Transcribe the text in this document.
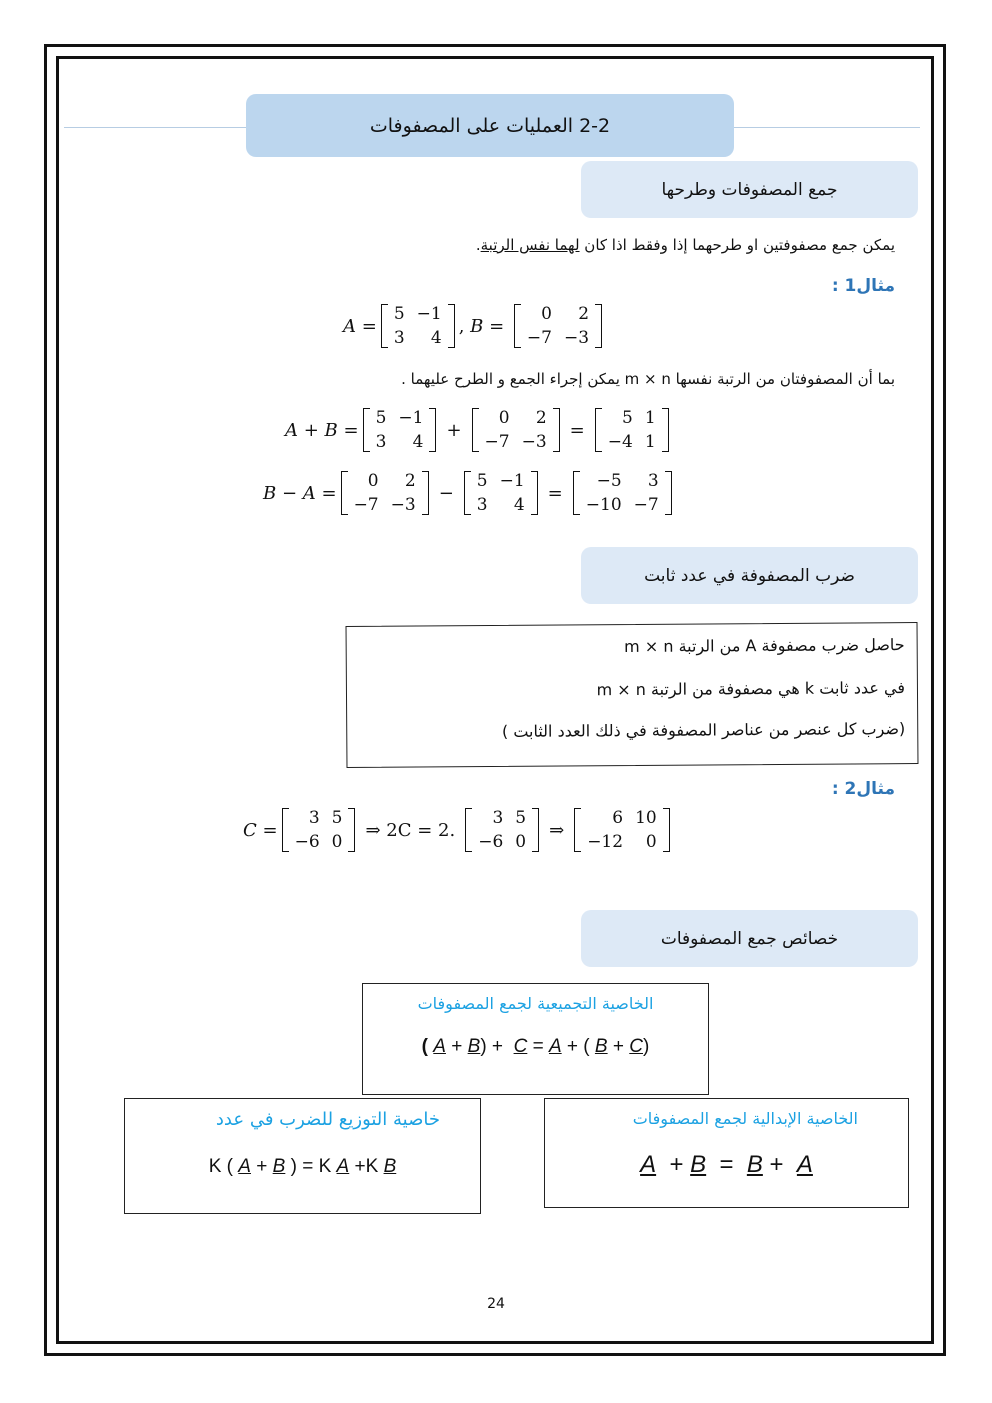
2-2 العمليات على المصفوفات
جمع المصفوفات وطرحها
يمكن جمع مصفوفتين او طرحهما إذا وفقط اذا كان لهما نفس الرتبة.
مثال1 :
A =
5	−1
3	4
, B =
0	2
−7	−3
بما أن المصفوفتان من الرتبة نفسها m × n يمكن إجراء الجمع و الطرح عليهما .
A + B =
5	−1
3	4
+
0	2
−7	−3
=
5	1
−4	1
B − A =
0	2
−7	−3
−
5	−1
3	4
=
−5	3
−10	−7
ضرب المصفوفة في عدد ثابت
حاصل ضرب مصفوفة A من الرتبة m × n
في عدد ثابت k هي مصفوفة من الرتبة m × n
(ضرب كل عنصر من عناصر المصفوفة في ذلك العدد الثابت )
مثال2 :
C =
3	5
−6	0
⇒ 2C = 2.
3	5
−6	0
⇒
6	10
−12	0
خصائص جمع المصفوفات
الخاصية التجميعية لجمع المصفوفات
( A + B) +  C = A + ( B + C)
خاصية التوزيع للضرب في عدد
K ( A + B ) = K A +K B
الخاصية الإبدالية لجمع المصفوفات
A  + B  =  B +  A
24
